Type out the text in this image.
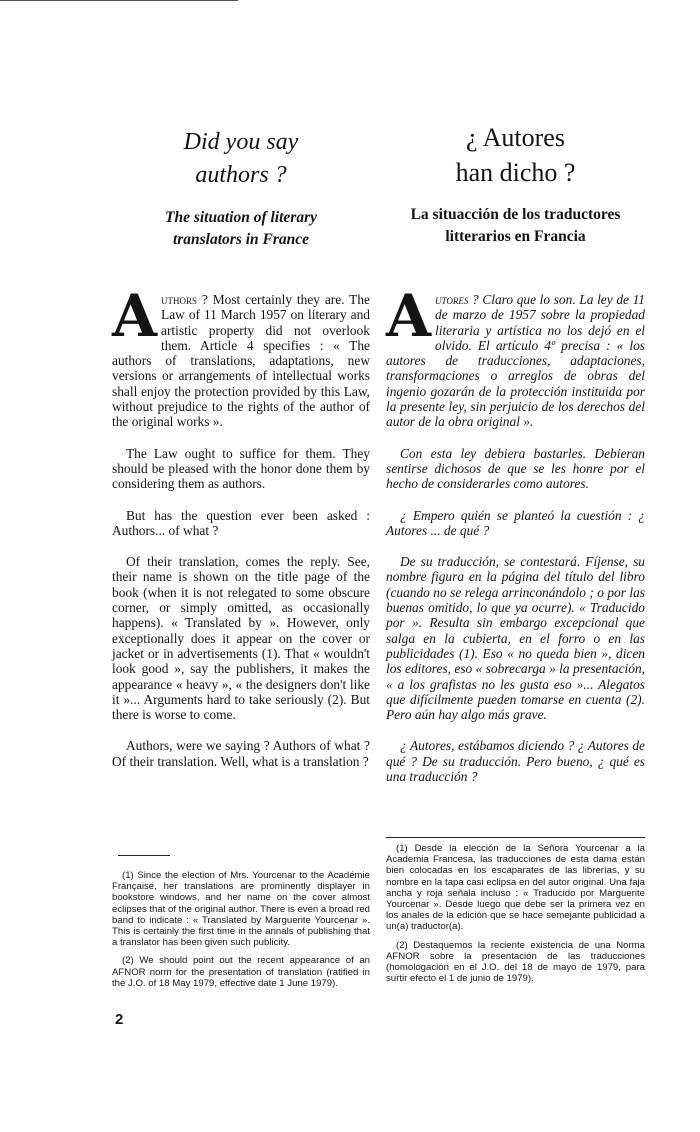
Did you say
authors ?
The situation of literary
translators in France

Authors ? Most certainly they are. The Law of 11 March 1957 on literary and artistic property did not overlook them. Article 4 specifies : « The authors of translations, adaptations, new versions or arrangements of intellectual works shall enjoy the protection provided by this Law, without prejudice to the rights of the author of the original works ».

The Law ought to suffice for them. They should be pleased with the honor done them by considering them as authors.

But has the question ever been asked : Authors... of what ?

Of their translation, comes the reply. See, their name is shown on the title page of the book (when it is not relegated to some obscure corner, or simply omitted, as occasionally happens). « Translated by ». However, only exceptionally does it appear on the cover or jacket or in advertisements (1). That « wouldn't look good », say the publishers, it makes the appearance « heavy », « the designers don't like it »... Arguments hard to take seriously (2). But there is worse to come.

Authors, were we saying ? Authors of what ? Of their translation. Well, what is a translation ?

(1) Since the election of Mrs. Yourcenar to the Académie Française, her translations are prominently displayer in bookstore windows, and her name on the cover almost eclipses that of the original author. There is even a broad red band to indicate : « Translated by Marguerite Yourcenar ». This is certainly the first time in the annals of publishing that a translator has been given such publicity.

(2) We should point out the recent appearance of an AFNOR norm for the presentation of translation (ratified in the J.O. of 18 May 1979, effective date 1 June 1979).

¿ Autores
han dicho ?
La situacción de los traductores
litterarios en Francia

Autores ? Claro que lo son. La ley de 11 de marzo de 1957 sobre la propiedad literaria y artística no los dejó en el olvido. El artículo 4º precisa : « los autores de traducciones, adaptaciones, transformaciones o arreglos de obras del ingenio gozarán de la protección instituida por la presente ley, sin perjuicio de los derechos del autor de la obra original ».

Con esta ley debiera bastarles. Debieran sentirse dichosos de que se les honre por el hecho de considerarles como autores.

¿ Empero quién se planteó la cuestión : ¿ Autores ... de qué ?

De su traducción, se contestará. Fíjense, su nombre figura en la página del título del libro (cuando no se relega arrinconándolo ; o por las buenas omitido, lo que ya ocurre). « Traducido por ». Resulta sin embargo excepcional que salga en la cubierta, en el forro o en las publicidades (1). Eso « no queda bien », dicen los editores, eso « sobrecarga » la presentación, « a los grafistas no les gusta eso »... Alegatos que difícilmente pueden tomarse en cuenta (2). Pero aún hay algo más grave.

¿ Autores, estábamos diciendo ? ¿ Autores de qué ? De su traducción. Pero bueno, ¿ qué es una traducción ?

(1) Desde la elección de la Señora Yourcenar a la Academia Francesa, las traducciones de esta dama están bien colocadas en los escaparates de las librerías, y su nombre en la tapa casi eclipsa en del autor original. Una faja ancha y roja señala incluso : « Traducido por Marguerite Yourcenar ». Desde luego que debe ser la primera vez en los anales de la edición que se hace semejante publicidad a un(a) traductor(a).

(2) Destaquemos la reciente existencia de una Norma AFNOR sobre la presentación de las traducciones (homologación en el J.O. del 18 de mayo de 1979, para surtir efecto el 1 de junio de 1979).

2
